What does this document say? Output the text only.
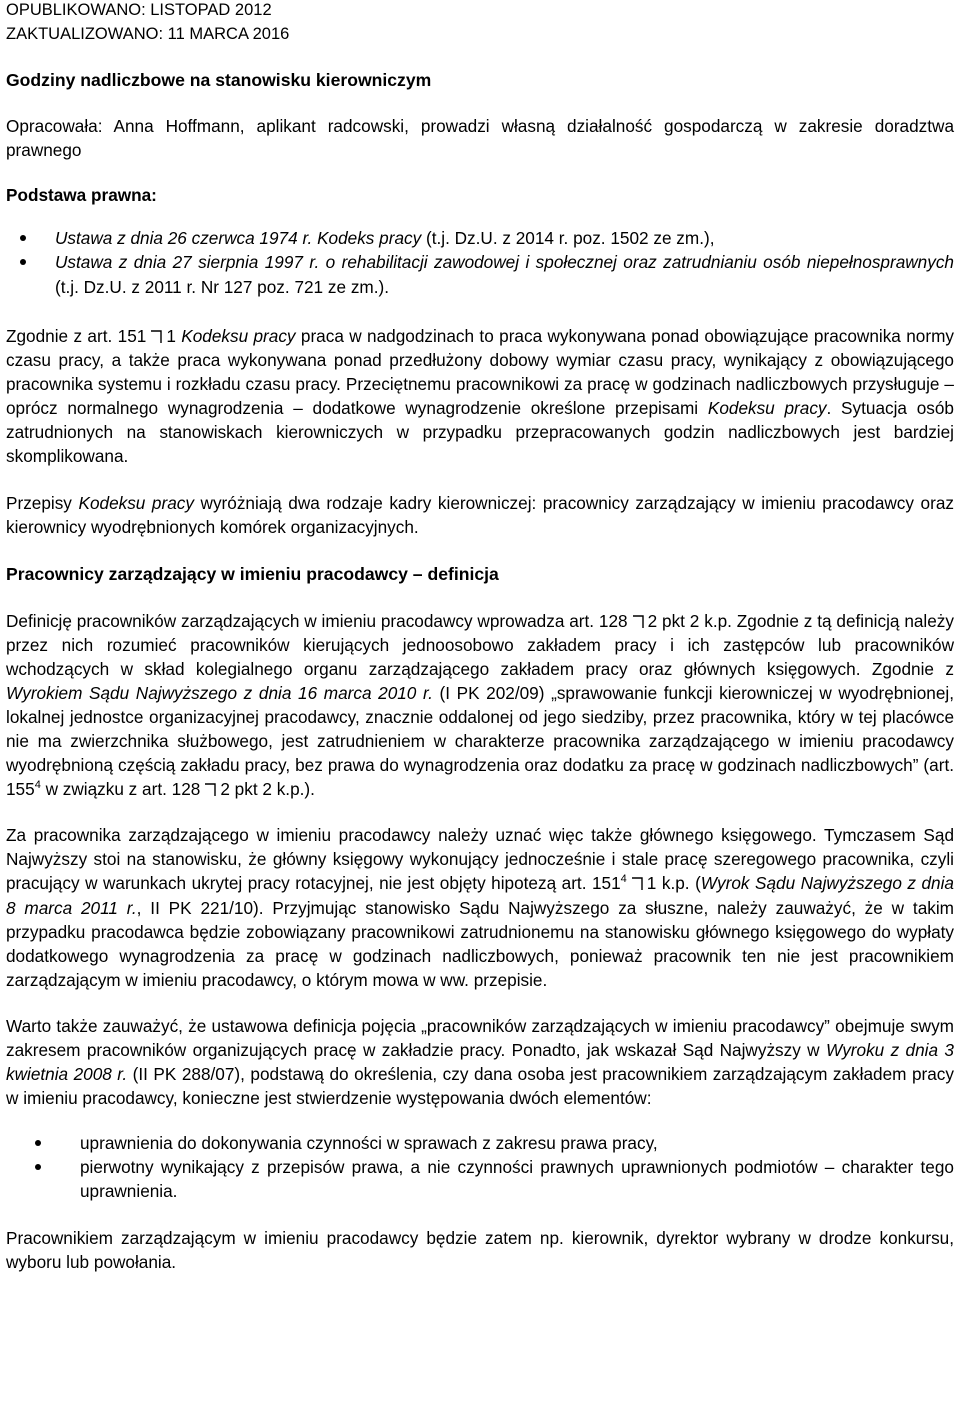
OPUBLIKOWANO: LISTOPAD 2012
ZAKTUALIZOWANO: 11 MARCA 2016

Godziny nadliczbowe na stanowisku kierowniczym

Opracowała: Anna Hoffmann, aplikant radcowski, prowadzi własną działalność gospodarczą w zakresie doradztwa prawnego

Podstawa prawna:

Ustawa z dnia 26 czerwca 1974 r. Kodeks pracy (t.j. Dz.U. z 2014 r. poz. 1502 ze zm.),
Ustawa z dnia 27 sierpnia 1997 r. o rehabilitacji zawodowej i społecznej oraz zatrudnianiu osób niepełnosprawnych (t.j. Dz.U. z 2011 r. Nr 127 poz. 721 ze zm.).

Zgodnie z art. 151 1 Kodeksu pracy praca w nadgodzinach to praca wykonywana ponad obowiązujące pracownika normy czasu pracy, a także praca wykonywana ponad przedłużony dobowy wymiar czasu pracy, wynikający z obowiązującego pracownika systemu i rozkładu czasu pracy. Przeciętnemu pracownikowi za pracę w godzinach nadliczbowych przysługuje – oprócz normalnego wynagrodzenia – dodatkowe wynagrodzenie określone przepisami Kodeksu pracy. Sytuacja osób zatrudnionych na stanowiskach kierowniczych w przypadku przepracowanych godzin nadliczbowych jest bardziej skomplikowana.

Przepisy Kodeksu pracy wyróżniają dwa rodzaje kadry kierowniczej: pracownicy zarządzający w imieniu pracodawcy oraz kierownicy wyodrębnionych komórek organizacyjnych.

Pracownicy zarządzający w imieniu pracodawcy – definicja

Definicję pracowników zarządzających w imieniu pracodawcy wprowadza art. 128 2 pkt 2 k.p. Zgodnie z tą definicją należy przez nich rozumieć pracowników kierujących jednoosobowo zakładem pracy i ich zastępców lub pracowników wchodzących w skład kolegialnego organu zarządzającego zakładem pracy oraz głównych księgowych. Zgodnie z Wyrokiem Sądu Najwyższego z dnia 16 marca 2010 r. (I PK 202/09) „sprawowanie funkcji kierowniczej w wyodrębnionej, lokalnej jednostce organizacyjnej pracodawcy, znacznie oddalonej od jego siedziby, przez pracownika, który w tej placówce nie ma zwierzchnika służbowego, jest zatrudnieniem w charakterze pracownika zarządzającego w imieniu pracodawcy wyodrębnioną częścią zakładu pracy, bez prawa do wynagrodzenia oraz dodatku za pracę w godzinach nadliczbowych” (art. $155^4$ w związku z art. 128 2 pkt 2 k.p.).

Za pracownika zarządzającego w imieniu pracodawcy należy uznać więc także głównego księgowego. Tymczasem Sąd Najwyższy stoi na stanowisku, że główny księgowy wykonujący jednocześnie i stale pracę szeregowego pracownika, czyli pracujący w warunkach ukrytej pracy rotacyjnej, nie jest objęty hipotezą art. $151^4$ 1 k.p. (Wyrok Sądu Najwyższego z dnia 8 marca 2011 r., II PK 221/10). Przyjmując stanowisko Sądu Najwyższego za słuszne, należy zauważyć, że w takim przypadku pracodawca będzie zobowiązany pracownikowi zatrudnionemu na stanowisku głównego księgowego do wypłaty dodatkowego wynagrodzenia za pracę w godzinach nadliczbowych, ponieważ pracownik ten nie jest pracownikiem zarządzającym w imieniu pracodawcy, o którym mowa w ww. przepisie.

Warto także zauważyć, że ustawowa definicja pojęcia „pracowników zarządzających w imieniu pracodawcy” obejmuje swym zakresem pracowników organizujących pracę w zakładzie pracy. Ponadto, jak wskazał Sąd Najwyższy w Wyroku z dnia 3 kwietnia 2008 r. (II PK 288/07), podstawą do określenia, czy dana osoba jest pracownikiem zarządzającym zakładem pracy w imieniu pracodawcy, konieczne jest stwierdzenie występowania dwóch elementów:

uprawnienia do dokonywania czynności w sprawach z zakresu prawa pracy,
pierwotny wynikający z przepisów prawa, a nie czynności prawnych uprawnionych podmiotów – charakter tego uprawnienia.

Pracownikiem zarządzającym w imieniu pracodawcy będzie zatem np. kierownik, dyrektor wybrany w drodze konkursu, wyboru lub powołania.
